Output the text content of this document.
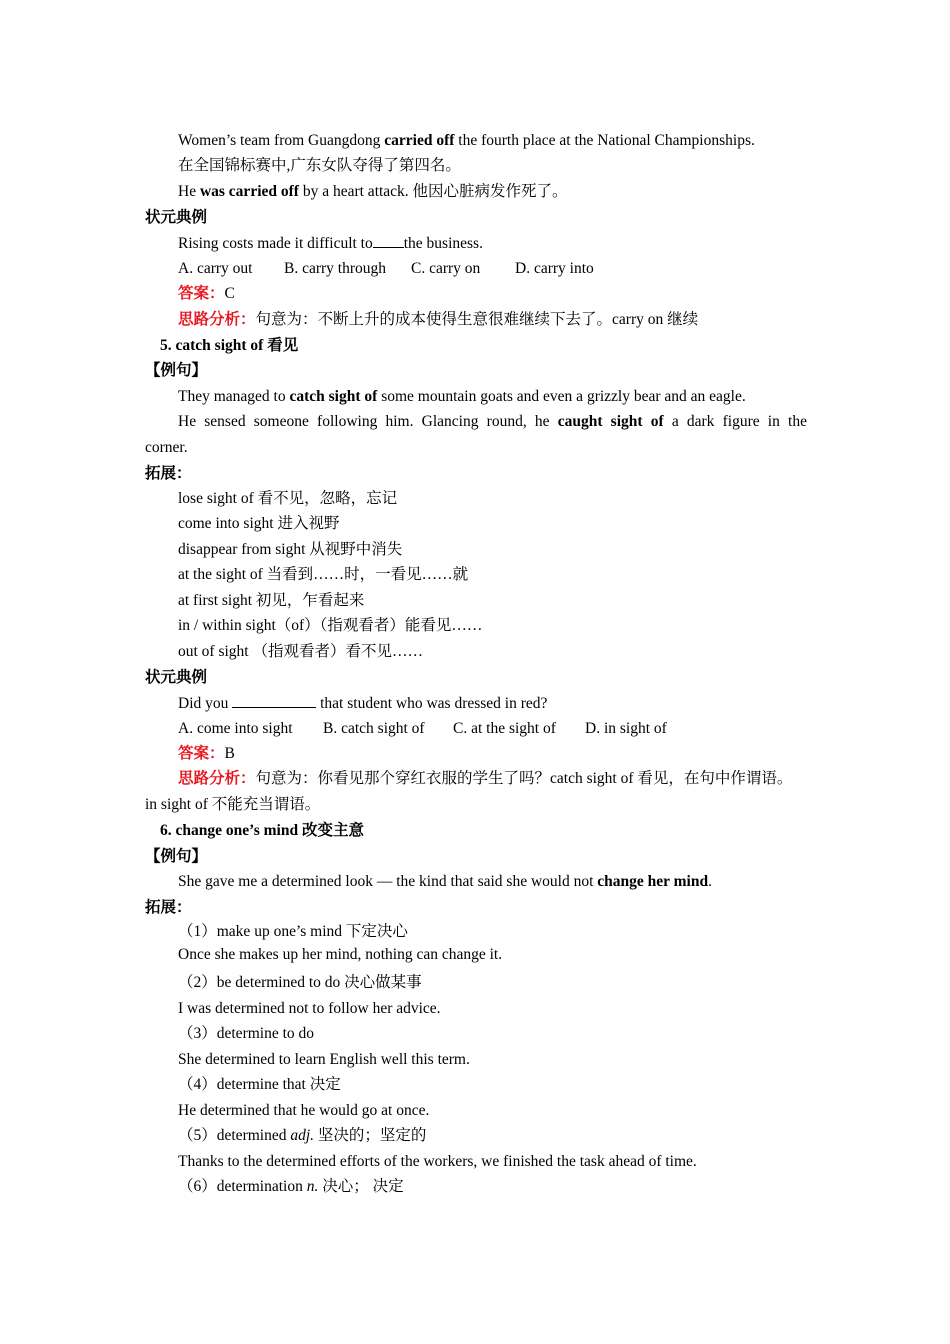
Women’s team from Guangdong carried off the fourth place at the National Championships.
在全国锦标赛中,广东女队夺得了第四名。
He was carried off by a heart attack. 他因心脏病发作死了。
状元典例
Rising costs made it difficult to the business.
A. carry out B. carry through C. carry on D. carry into
答案：C
思路分析：句意为：不断上升的成本使得生意很难继续下去了。carry on 继续
5. catch sight of 看见
【例句】
They managed to catch sight of some mountain goats and even a grizzly bear and an eagle.
He sensed someone following him. Glancing round, he caught sight of a dark figure in the
corner.
拓展：
lose sight of 看不见，忽略，忘记
come into sight 进入视野
disappear from sight 从视野中消失
at the sight of 当看到……时，一看见……就
at first sight 初见，乍看起来
in / within sight（of）（指观看者）能看见……
out of sight （指观看者）看不见……
状元典例
Did you	that student who was dressed in red?
A. come into sight B. catch sight of C. at the sight of D. in sight of
答案：B
思路分析：句意为：你看见那个穿红衣服的学生了吗？catch sight of 看见，在句中作谓语。
in sight of 不能充当谓语。
6. change one’s mind 改变主意
【例句】
She gave me a determined look — the kind that said she would not change her mind.
拓展：
（1）make up one’s mind 下定决心
Once she makes up her mind, nothing can change it.
（2）be determined to do 决心做某事
I was determined not to follow her advice.
（3）determine to do
She determined to learn English well this term.
（4）determine that 决定
He determined that he would go at once.
（5）determined adj. 坚决的；坚定的
Thanks to the determined efforts of the workers, we finished the task ahead of time.
（6）determination n. 决心； 决定
